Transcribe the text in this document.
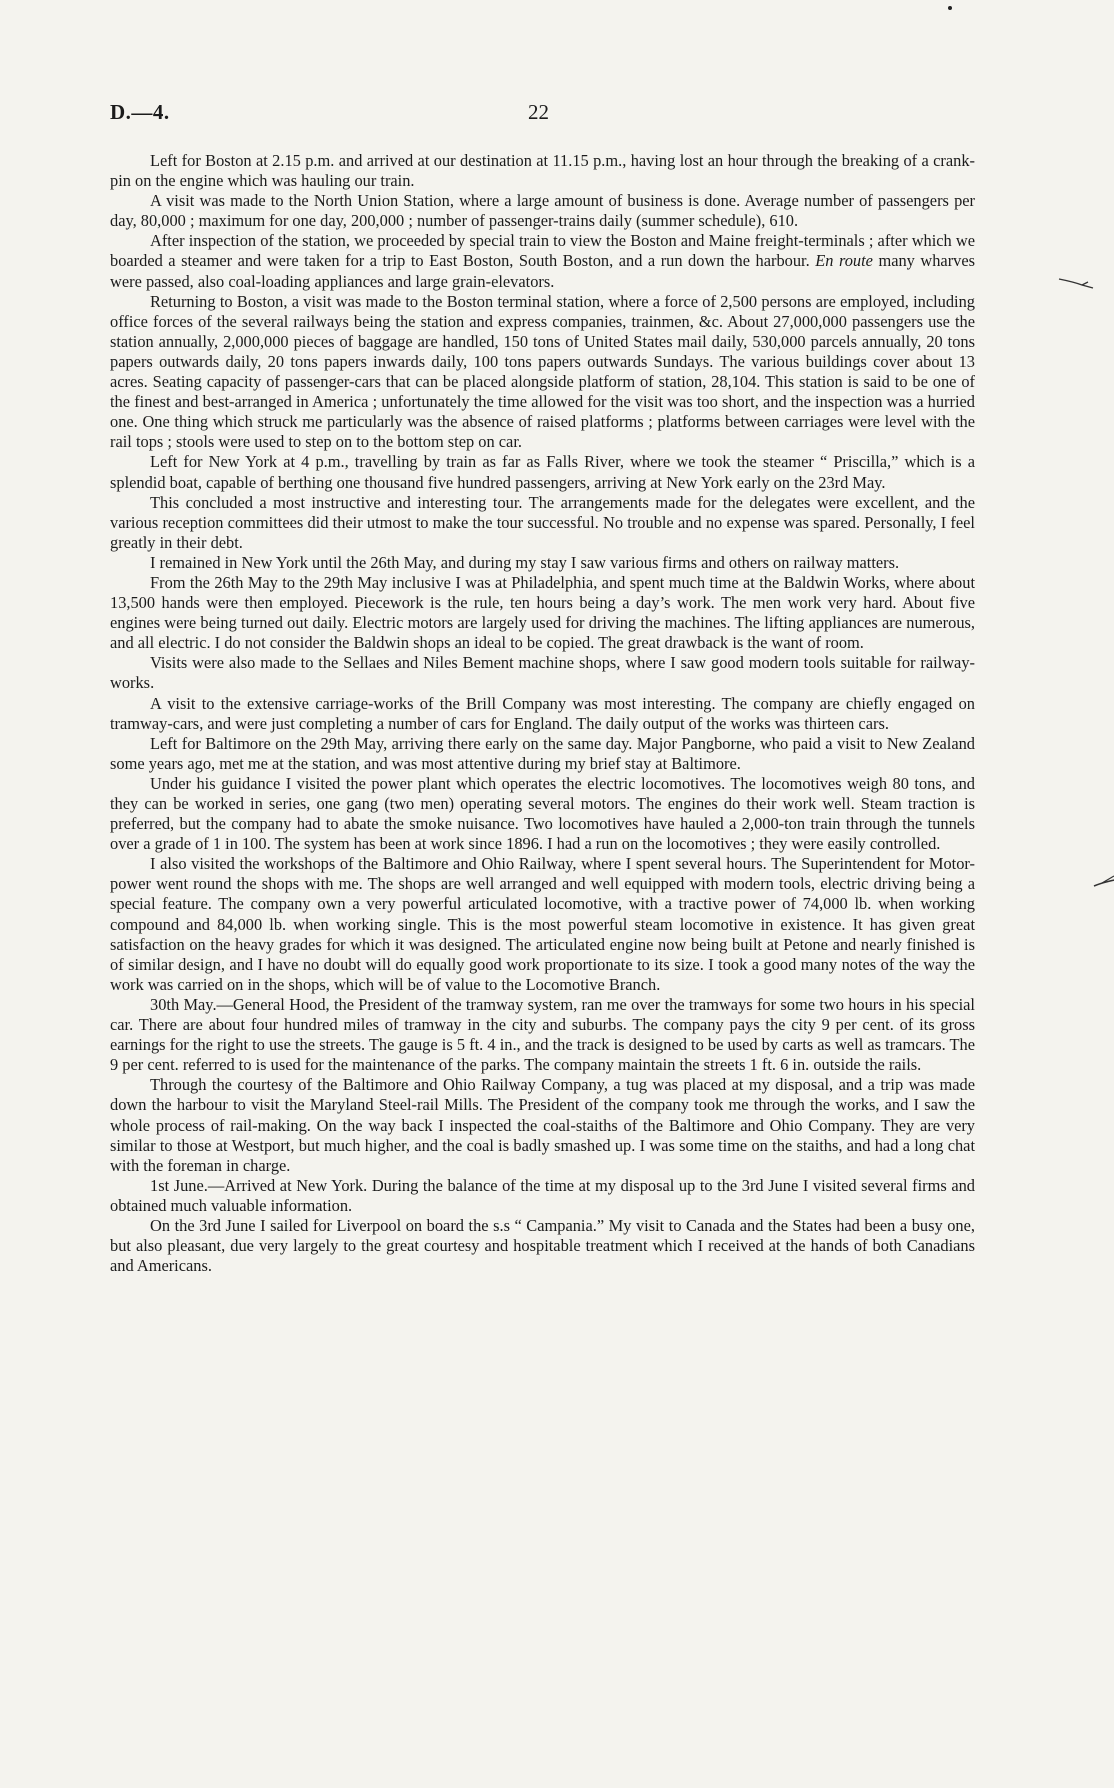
D.—4.	22

Left for Boston at 2.15 p.m. and arrived at our destination at 11.15 p.m., having lost an hour through the breaking of a crank-pin on the engine which was hauling our train.

A visit was made to the North Union Station, where a large amount of business is done. Average number of passengers per day, 80,000 ; maximum for one day, 200,000 ; number of passenger-trains daily (summer schedule), 610.

After inspection of the station, we proceeded by special train to view the Boston and Maine freight-terminals ; after which we boarded a steamer and were taken for a trip to East Boston, South Boston, and a run down the harbour. En route many wharves were passed, also coal-loading appliances and large grain-elevators.

Returning to Boston, a visit was made to the Boston terminal station, where a force of 2,500 persons are employed, including office forces of the several railways being the station and express companies, trainmen, &c. About 27,000,000 passengers use the station annually, 2,000,000 pieces of baggage are handled, 150 tons of United States mail daily, 530,000 parcels annually, 20 tons papers outwards daily, 20 tons papers inwards daily, 100 tons papers outwards Sundays. The various buildings cover about 13 acres. Seating capacity of passenger-cars that can be placed alongside platform of station, 28,104. This station is said to be one of the finest and best-arranged in America ; unfortunately the time allowed for the visit was too short, and the inspection was a hurried one. One thing which struck me particularly was the absence of raised platforms ; platforms between carriages were level with the rail tops ; stools were used to step on to the bottom step on car.

Left for New York at 4 p.m., travelling by train as far as Falls River, where we took the steamer “ Priscilla,” which is a splendid boat, capable of berthing one thousand five hundred passengers, arriving at New York early on the 23rd May.

This concluded a most instructive and interesting tour. The arrangements made for the delegates were excellent, and the various reception committees did their utmost to make the tour successful. No trouble and no expense was spared. Personally, I feel greatly in their debt.

I remained in New York until the 26th May, and during my stay I saw various firms and others on railway matters.

From the 26th May to the 29th May inclusive I was at Philadelphia, and spent much time at the Baldwin Works, where about 13,500 hands were then employed. Piecework is the rule, ten hours being a day’s work. The men work very hard. About five engines were being turned out daily. Electric motors are largely used for driving the machines. The lifting appliances are numerous, and all electric. I do not consider the Baldwin shops an ideal to be copied. The great drawback is the want of room.

Visits were also made to the Sellaes and Niles Bement machine shops, where I saw good modern tools suitable for railway-works.

A visit to the extensive carriage-works of the Brill Company was most interesting. The company are chiefly engaged on tramway-cars, and were just completing a number of cars for England. The daily output of the works was thirteen cars.

Left for Baltimore on the 29th May, arriving there early on the same day. Major Pangborne, who paid a visit to New Zealand some years ago, met me at the station, and was most attentive during my brief stay at Baltimore.

Under his guidance I visited the power plant which operates the electric locomotives. The locomotives weigh 80 tons, and they can be worked in series, one gang (two men) operating several motors. The engines do their work well. Steam traction is preferred, but the company had to abate the smoke nuisance. Two locomotives have hauled a 2,000-ton train through the tunnels over a grade of 1 in 100. The system has been at work since 1896. I had a run on the locomotives ; they were easily controlled.

I also visited the workshops of the Baltimore and Ohio Railway, where I spent several hours. The Superintendent for Motor-power went round the shops with me. The shops are well arranged and well equipped with modern tools, electric driving being a special feature. The company own a very powerful articulated locomotive, with a tractive power of 74,000 lb. when working compound and 84,000 lb. when working single. This is the most powerful steam locomotive in existence. It has given great satisfaction on the heavy grades for which it was designed. The articulated engine now being built at Petone and nearly finished is of similar design, and I have no doubt will do equally good work proportionate to its size. I took a good many notes of the way the work was carried on in the shops, which will be of value to the Locomotive Branch.

30th May.—General Hood, the President of the tramway system, ran me over the tramways for some two hours in his special car. There are about four hundred miles of tramway in the city and suburbs. The company pays the city 9 per cent. of its gross earnings for the right to use the streets. The gauge is 5 ft. 4 in., and the track is designed to be used by carts as well as tramcars. The 9 per cent. referred to is used for the maintenance of the parks. The company maintain the streets 1 ft. 6 in. outside the rails.

Through the courtesy of the Baltimore and Ohio Railway Company, a tug was placed at my disposal, and a trip was made down the harbour to visit the Maryland Steel-rail Mills. The President of the company took me through the works, and I saw the whole process of rail-making. On the way back I inspected the coal-staiths of the Baltimore and Ohio Company. They are very similar to those at Westport, but much higher, and the coal is badly smashed up. I was some time on the staiths, and had a long chat with the foreman in charge.

1st June.—Arrived at New York. During the balance of the time at my disposal up to the 3rd June I visited several firms and obtained much valuable information.

On the 3rd June I sailed for Liverpool on board the s.s “ Campania.” My visit to Canada and the States had been a busy one, but also pleasant, due very largely to the great courtesy and hospitable treatment which I received at the hands of both Canadians and Americans.
